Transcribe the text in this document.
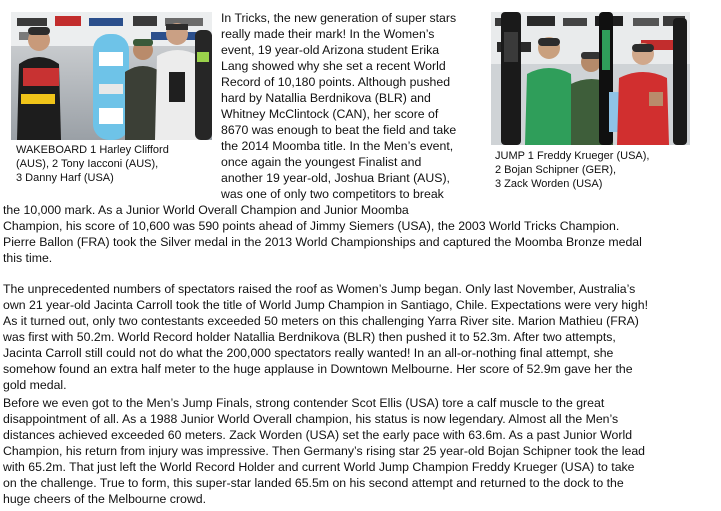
WAKEBOARD 1 Harley Clifford
(AUS), 2 Tony Iacconi (AUS),
3 Danny Harf (USA)
JUMP 1 Freddy Krueger (USA),
2 Bojan Schipner (GER),
3 Zack Worden (USA)
In Tricks, the new generation of super stars
really made their mark! In the Women’s
event, 19 year-old Arizona student Erika
Lang showed why she set a recent World
Record of 10,180 points. Although pushed
hard by Natallia Berdnikova (BLR) and
Whitney McClintock (CAN), her score of
8670 was enough to beat the field and take
the 2014 Moomba title. In the Men’s event,
once again the youngest Finalist and
another 19 year-old, Joshua Briant (AUS),
was one of only two competitors to break
the 10,000 mark. As a Junior World Overall Champion and Junior Moomba
Champion, his score of 10,600 was 590 points ahead of Jimmy Siemers (USA), the 2003 World Tricks Champion.
Pierre Ballon (FRA) took the Silver medal in the 2013 World Championships and captured the Moomba Bronze medal
this time.
The unprecedented numbers of spectators raised the roof as Women’s Jump began. Only last November, Australia’s
own 21 year-old Jacinta Carroll took the title of World Jump Champion in Santiago, Chile. Expectations were very high!
As it turned out, only two contestants exceeded 50 meters on this challenging Yarra River site. Marion Mathieu (FRA)
was first with 50.2m. World Record holder Natallia Berdnikova (BLR) then pushed it to 52.3m. After two attempts,
Jacinta Carroll still could not do what the 200,000 spectators really wanted! In an all-or-nothing final attempt, she
somehow found an extra half meter to the huge applause in Downtown Melbourne. Her score of 52.9m gave her the
gold medal.
Before we even got to the Men’s Jump Finals, strong contender Scot Ellis (USA) tore a calf muscle to the great
disappointment of all. As a 1988 Junior World Overall champion, his status is now legendary. Almost all the Men’s
distances achieved exceeded 60 meters. Zack Worden (USA) set the early pace with 63.6m. As a past Junior World
Champion, his return from injury was impressive. Then Germany’s rising star 25 year-old Bojan Schipner took the lead
with 65.2m. That just left the World Record Holder and current World Jump Champion Freddy Krueger (USA) to take
on the challenge. True to form, this super-star landed 65.5m on his second attempt and returned to the dock to the
huge cheers of the Melbourne crowd.
